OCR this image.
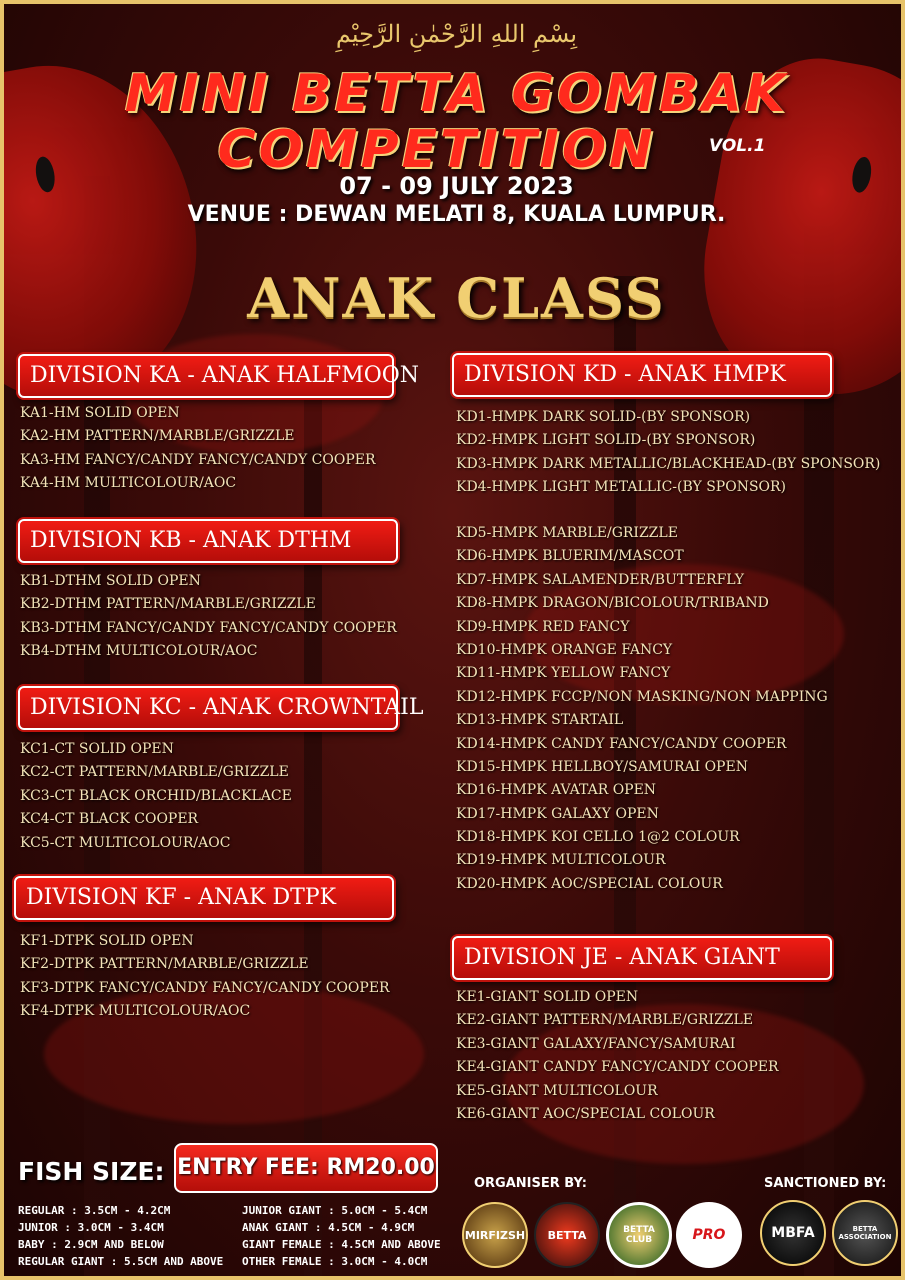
بِسْمِ اللهِ الرَّحْمٰنِ الرَّحِيْمِ
MINI BETTA GOMBAK
COMPETITION	VOL.1
07 - 09 JULY 2023
VENUE : DEWAN MELATI 8, KUALA LUMPUR.
ANAK CLASS
DIVISION KA - ANAK HALFMOON
KA1-HM SOLID OPEN
KA2-HM PATTERN/MARBLE/GRIZZLE
KA3-HM FANCY/CANDY FANCY/CANDY COOPER
KA4-HM MULTICOLOUR/AOC
DIVISION KB - ANAK DTHM
KB1-DTHM SOLID OPEN
KB2-DTHM PATTERN/MARBLE/GRIZZLE
KB3-DTHM FANCY/CANDY FANCY/CANDY COOPER
KB4-DTHM MULTICOLOUR/AOC
DIVISION KC - ANAK CROWNTAIL
KC1-CT SOLID OPEN
KC2-CT PATTERN/MARBLE/GRIZZLE
KC3-CT BLACK ORCHID/BLACKLACE
KC4-CT BLACK COOPER
KC5-CT MULTICOLOUR/AOC
DIVISION KF - ANAK DTPK
KF1-DTPK SOLID OPEN
KF2-DTPK PATTERN/MARBLE/GRIZZLE
KF3-DTPK FANCY/CANDY FANCY/CANDY COOPER
KF4-DTPK MULTICOLOUR/AOC
DIVISION KD - ANAK HMPK
KD1-HMPK DARK SOLID-(BY SPONSOR)
KD2-HMPK LIGHT SOLID-(BY SPONSOR)
KD3-HMPK DARK METALLIC/BLACKHEAD-(BY SPONSOR)
KD4-HMPK LIGHT METALLIC-(BY SPONSOR)
KD5-HMPK MARBLE/GRIZZLE
KD6-HMPK BLUERIM/MASCOT
KD7-HMPK SALAMENDER/BUTTERFLY
KD8-HMPK DRAGON/BICOLOUR/TRIBAND
KD9-HMPK RED FANCY
KD10-HMPK ORANGE FANCY
KD11-HMPK YELLOW FANCY
KD12-HMPK FCCP/NON MASKING/NON MAPPING
KD13-HMPK STARTAIL
KD14-HMPK CANDY FANCY/CANDY COOPER
KD15-HMPK HELLBOY/SAMURAI OPEN
KD16-HMPK AVATAR OPEN
KD17-HMPK GALAXY OPEN
KD18-HMPK KOI CELLO 1@2 COLOUR
KD19-HMPK MULTICOLOUR
KD20-HMPK AOC/SPECIAL COLOUR
DIVISION JE - ANAK GIANT
KE1-GIANT SOLID OPEN
KE2-GIANT PATTERN/MARBLE/GRIZZLE
KE3-GIANT GALAXY/FANCY/SAMURAI
KE4-GIANT CANDY FANCY/CANDY COOPER
KE5-GIANT MULTICOLOUR
KE6-GIANT AOC/SPECIAL COLOUR
FISH SIZE: ENTRY FEE: RM20.00
REGULAR : 3.5CM - 4.2CM
JUNIOR : 3.0CM - 3.4CM
BABY : 2.9CM AND BELOW
REGULAR GIANT : 5.5CM AND ABOVE
JUNIOR GIANT : 5.0CM - 5.4CM
ANAK GIANT : 4.5CM - 4.9CM
GIANT FEMALE : 4.5CM AND ABOVE
OTHER FEMALE : 3.0CM - 4.0CM
ORGANISER BY:	SANCTIONED BY:
MIRFIZSH BETTA	BETTA CLUB	PRO	MBFA	BETTA ASSOCIATION
